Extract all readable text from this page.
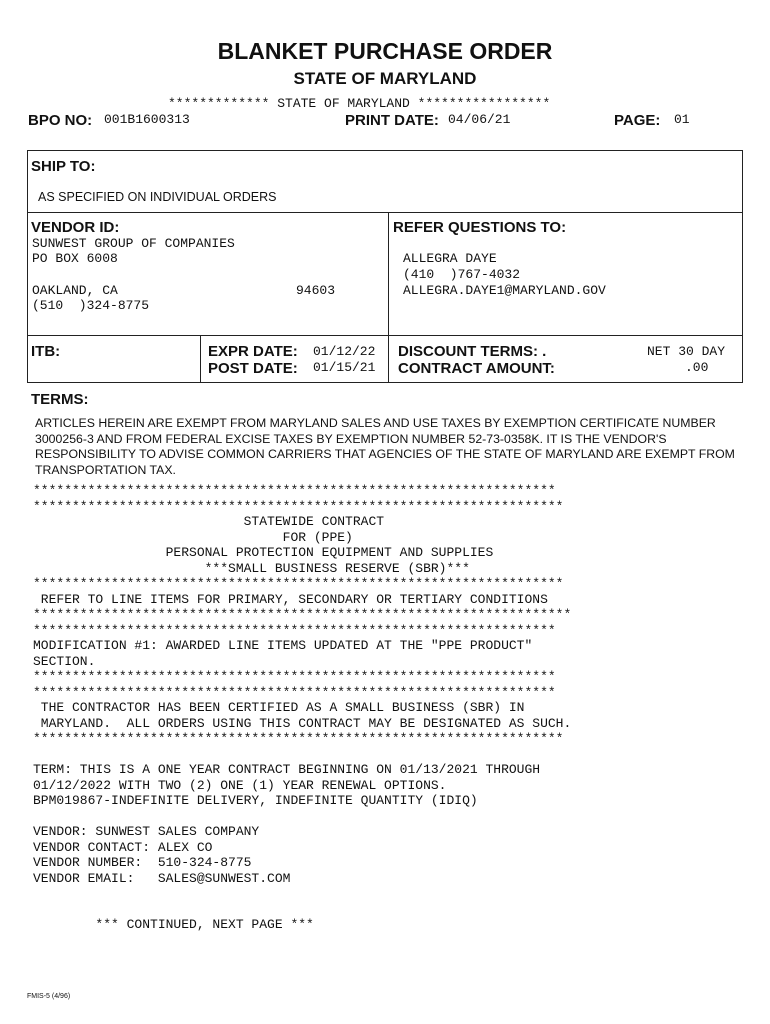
BLANKET PURCHASE ORDER
STATE OF MARYLAND
************* STATE OF MARYLAND *****************
BPO NO: 001B1600313	PRINT DATE: 04/06/21	PAGE: 01
SHIP TO:
AS SPECIFIED ON INDIVIDUAL ORDERS
VENDOR ID:
SUNWEST GROUP OF COMPANIES
PO BOX 6008
OAKLAND, CA	94603
(510  )324-8775
REFER QUESTIONS TO:
ALLEGRA DAYE
(410  )767-4032
ALLEGRA.DAYE1@MARYLAND.GOV
ITB:	EXPR DATE: 01/12/22
POST DATE: 01/15/21
DISCOUNT TERMS: .	NET 30 DAY
CONTRACT AMOUNT:	.00
TERMS:
ARTICLES HEREIN ARE EXEMPT FROM MARYLAND SALES AND USE TAXES BY EXEMPTION CERTIFICATE NUMBER 3000256-3 AND FROM FEDERAL EXCISE TAXES BY EXEMPTION NUMBER 52-73-0358K. IT IS THE VENDOR'S RESPONSIBILITY TO ADVISE COMMON CARRIERS THAT AGENCIES OF THE STATE OF MARYLAND ARE EXEMPT FROM TRANSPORTATION TAX.
*******************************************************************
********************************************************************
STATEWIDE CONTRACT
FOR (PPE)
PERSONAL PROTECTION EQUIPMENT AND SUPPLIES
***SMALL BUSINESS RESERVE (SBR)***
********************************************************************
REFER TO LINE ITEMS FOR PRIMARY, SECONDARY OR TERTIARY CONDITIONS
*********************************************************************
*******************************************************************
MODIFICATION #1: AWARDED LINE ITEMS UPDATED AT THE "PPE PRODUCT"
SECTION.
*******************************************************************
*******************************************************************
THE CONTRACTOR HAS BEEN CERTIFIED AS A SMALL BUSINESS (SBR) IN
MARYLAND.  ALL ORDERS USING THIS CONTRACT MAY BE DESIGNATED AS SUCH.
********************************************************************

TERM: THIS IS A ONE YEAR CONTRACT BEGINNING ON 01/13/2021 THROUGH
01/12/2022 WITH TWO (2) ONE (1) YEAR RENEWAL OPTIONS.
BPM019867-INDEFINITE DELIVERY, INDEFINITE QUANTITY (IDIQ)

VENDOR: SUNWEST SALES COMPANY
VENDOR CONTACT: ALEX CO
VENDOR NUMBER:  510-324-8775
VENDOR EMAIL:   SALES@SUNWEST.COM

*** CONTINUED, NEXT PAGE ***
FMIS-5 (4/96)
